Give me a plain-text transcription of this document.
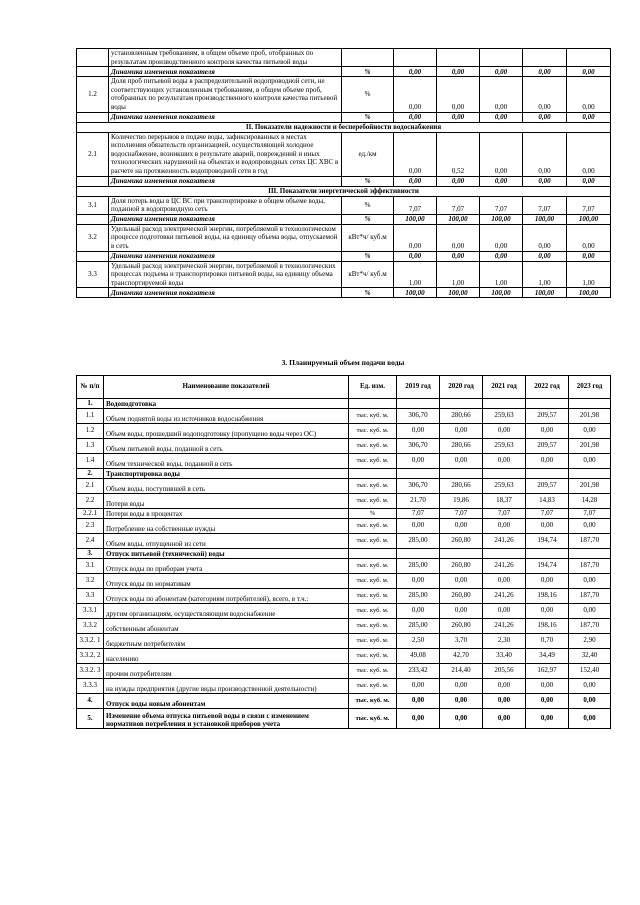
	установленным требованиям, в общем объеме проб, отобранных по результатам производственного контроля качества питьевой воды						
	Динамика изменения показателя	%	0,00	0,00	0,00	0,00	0,00
1.2	Доля проб питьевой воды в распределительной водопроводной сети, не соответствующих установленным требованиям, в общем объеме проб, отобранных по результатам производственного контроля качества питьевой воды	%	0,00	0,00	0,00	0,00	0,00
	Динамика изменения показателя	%	0,00	0,00	0,00	0,00	0,00
II. Показатели надежности и бесперебойности водоснабжения							
2.1	Количество перерывов в подаче воды, зафиксированных в местах исполнения обязательств организацией, осуществляющей холодное водоснабжение, возникших в результате аварий, повреждений и иных технологических нарушений на объектах и водопроводных сетях ЦС ХВС в расчете на протяженность водопроводной сети в год	ед./км	0,00	0,52	0,00	0,00	0,00
	Динамика изменения показателя	%	0,00	0,00	0,00	0,00	0,00
III. Показатели энергетической эффективности							
3.1	Доля потерь воды в ЦС ВС при транспортировке в общем объеме воды, поданной в водопроводную сеть	%	7,07	7,07	7,07	7,07	7,07
	Динамика изменения показателя	%	100,00	100,00	100,00	100,00	100,00
3.2	Удельный расход электрической энергии, потребляемой в технологическом процессе подготовки питьевой воды, на единицу объема воды, отпускаемой в сеть	кВт*ч/ куб.м	0,00	0,00	0,00	0,00	0,00
	Динамика изменения показателя	%	0,00	0,00	0,00	0,00	0,00
3.3	Удельный расход электрической энергии, потребляемой в технологических процессах подъема и транспортировки питьевой воды, на единицу объема транспортируемой воды	кВт*ч/ куб.м	1,00	1,00	1,00	1,00	1,00
	Динамика изменения показателя	%	100,00	100,00	100,00	100,00	100,00
3. Планируемый объем подачи воды
№ п/п	Наименование показателей	Ед. изм.	2019 год	2020 год	2021 год	2022 год	2023 год
1.	Водоподготовка						
1.1	Объем поднятой воды из источников водоснабжения	тыс. куб. м.	306,70	280,66	259,63	209,57	201,98
1.2	Объем воды, прошедший водоподготовку (пропущено воды через ОС)	тыс. куб. м.	0,00	0,00	0,00	0,00	0,00
1.3	Объем питьевой воды, поданной в сеть	тыс. куб. м.	306,70	280,66	259,63	209,57	201,98
1.4	Объем технической воды, поданной в сеть	тыс. куб. м.	0,00	0,00	0,00	0,00	0,00
2.	Транспортировка воды						
2.1	Объем воды, поступившей в сеть	тыс. куб. м.	306,70	280,66	259,63	209,57	201,98
2.2	Потери воды	тыс. куб. м.	21,70	19,86	18,37	14,83	14,28
2.2.1	Потери воды в процентах	%	7,07	7,07	7,07	7,07	7,07
2.3	Потребление на собственные нужды	тыс. куб. м.	0,00	0,00	0,00	0,00	0,00
2.4	Объем воды, отпущенной из сети	тыс. куб. м.	285,00	260,80	241,26	194,74	187,70
3.	Отпуск питьевой (технической) воды						
3.1	Отпуск воды по приборам учета	тыс. куб. м.	285,00	260,80	241,26	194,74	187,70
3.2	Отпуск воды по нормативам	тыс. куб. м.	0,00	0,00	0,00	0,00	0,00
3.3	Отпуск воды по абонентам (категориям потребителей), всего, в т.ч.:	тыс. куб. м.	285,00	260,80	241,26	198,16	187,70
3.3.1	другим организациям, осуществляющим водоснабжение	тыс. куб. м.	0,00	0,00	0,00	0,00	0,00
3.3.2	собственным абонентам	тыс. куб. м.	285,00	260,80	241,26	198,16	187,70
3.3.2. 1	бюджетным потребителям	тыс. куб. м.	2,50	3,70	2,30	0,70	2,90
3.3.2. 2	населению	тыс. куб. м.	49,08	42,70	33,40	34,49	32,40
3.3.2. 3	прочим потребителям	тыс. куб. м.	233,42	214,40	205,56	162,97	152,40
3.3.3	на нужды предприятия (другие виды производственной деятельности)	тыс. куб. м.	0,00	0,00	0,00	0,00	0,00
4.	Отпуск воды новым абонентам	тыс. куб. м.	0,00	0,00	0,00	0,00	0,00
5.	Изменение объема отпуска питьевой воды в связи с изменением нормативов потребления и установкой приборов учета	тыс. куб. м.	0,00	0,00	0,00	0,00	0,00
